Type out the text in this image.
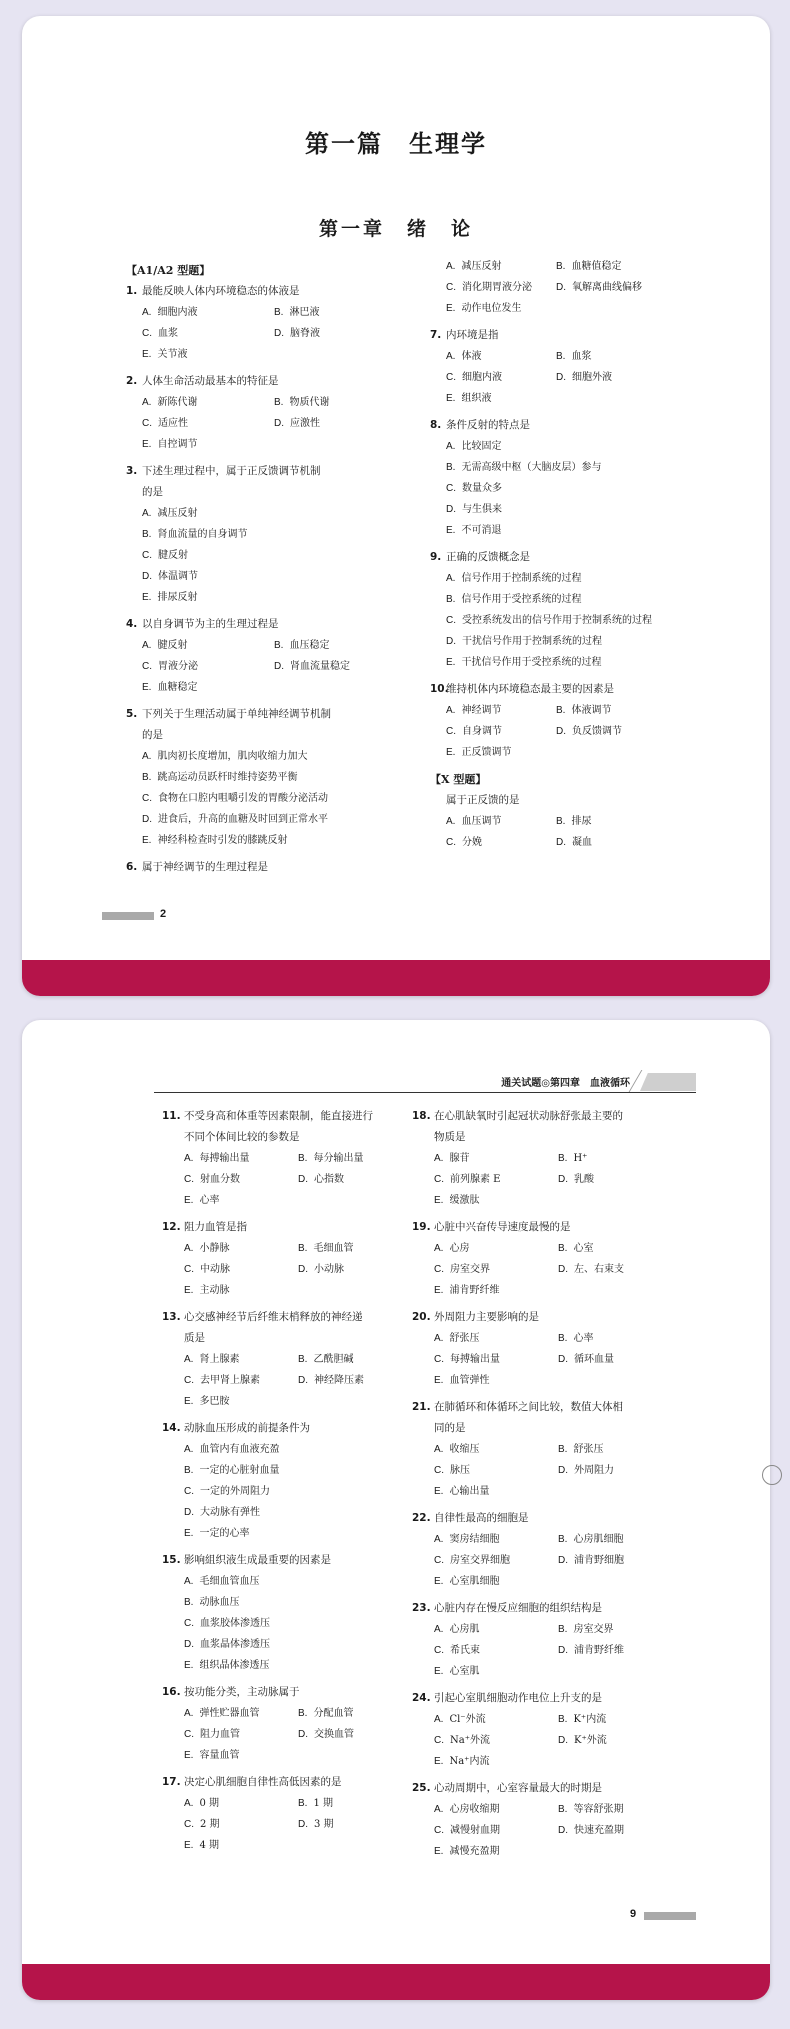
第一篇　生理学
第一章　绪　论

【A1/A2 型题】

1. 最能反映人体内环境稳态的体液是
A. 细胞内液	B. 淋巴液
C. 血浆	D. 脑脊液
E. 关节液
2. 人体生命活动最基本的特征是
A. 新陈代谢	B. 物质代谢
C. 适应性	D. 应激性
E. 自控调节
3. 下述生理过程中，属于正反馈调节机制
的是
A. 减压反射
B. 肾血流量的自身调节
C. 腱反射
D. 体温调节
E. 排尿反射
4. 以自身调节为主的生理过程是
A. 腱反射	B. 血压稳定
C. 胃液分泌	D. 肾血流量稳定
E. 血糖稳定
5. 下列关于生理活动属于单纯神经调节机制
的是
A. 肌肉初长度增加，肌肉收缩力加大
B. 跳高运动员跃杆时维持姿势平衡
C. 食物在口腔内咀嚼引发的胃酸分泌活动
D. 进食后，升高的血糖及时回到正常水平
E. 神经科检查时引发的膝跳反射
6. 属于神经调节的生理过程是
A. 减压反射	B. 血糖值稳定
C. 消化期胃液分泌	D. 氧解离曲线偏移
E. 动作电位发生
7. 内环境是指
A. 体液	B. 血浆
C. 细胞内液	D. 细胞外液
E. 组织液
8. 条件反射的特点是
A. 比较固定
B. 无需高级中枢（大脑皮层）参与
C. 数量众多
D. 与生俱来
E. 不可消退
9. 正确的反馈概念是
A. 信号作用于控制系统的过程
B. 信号作用于受控系统的过程
C. 受控系统发出的信号作用于控制系统的过程
D. 干扰信号作用于控制系统的过程
E. 干扰信号作用于受控系统的过程
10.
维持机体内环境稳态最主要的因素是
A. 神经调节	B. 体液调节
C. 自身调节	D. 负反馈调节
E. 正反馈调节

【X 型题】

属于正反馈的是
A. 血压调节	B. 排尿
C. 分娩	D. 凝血
2
通关试题◎第四章　血液循环
11. 不受身高和体重等因素限制，能直接进行
不同个体间比较的参数是
A. 每搏输出量	B. 每分输出量
C. 射血分数	D. 心指数
E. 心率
12. 阻力血管是指
A. 小静脉	B. 毛细血管
C. 中动脉	D. 小动脉
E. 主动脉
13. 心交感神经节后纤维末梢释放的神经递
质是
A. 肾上腺素	B. 乙酰胆碱
C. 去甲肾上腺素	D. 神经降压素
E. 多巴胺
14. 动脉血压形成的前提条件为
A. 血管内有血液充盈
B. 一定的心脏射血量
C. 一定的外周阻力
D. 大动脉有弹性
E. 一定的心率
15. 影响組织液生成最重要的因素是
A. 毛细血管血压
B. 动脉血压
C. 血浆胶体渗透压
D. 血浆晶体渗透压
E. 组织晶体渗透压
16. 按功能分类，主动脉属于
A. 弹性贮器血管	B. 分配血管
C. 阻力血管	D. 交换血管
E. 容量血管
17. 决定心肌细胞自律性高低因素的是
A. 0 期	B. 1 期
C. 2 期	D. 3 期
E. 4 期
18. 在心肌缺氧时引起冠状动脉舒张最主要的
物质是
A. 腺苷	B. H⁺
C. 前列腺素 E	D. 乳酸
E. 缓激肽
19. 心脏中兴奋传导速度最慢的是
A. 心房	B. 心室
C. 房室交界	D. 左、右束支
E. 浦肯野纤维
20. 外周阻力主要影响的是
A. 舒张压	B. 心率
C. 每搏输出量	D. 循环血量
E. 血管弹性
21. 在肺循环和体循环之间比较，数值大体相
同的是
A. 收缩压	B. 舒张压
C. 脉压	D. 外周阻力
E. 心输出量
22. 自律性最高的细胞是
A. 窦房结细胞	B. 心房肌细胞
C. 房室交界细胞	D. 浦肯野细胞
E. 心室肌细胞
23. 心脏内存在慢反应细胞的组织结构是
A. 心房肌	B. 房室交界
C. 希氏束	D. 浦肯野纤维
E. 心室肌
24. 引起心室肌细胞动作电位上升支的是
A. Cl⁻外流	B. K⁺内流
C. Na⁺外流	D. K⁺外流
E. Na⁺内流
25. 心动周期中，心室容量最大的时期是
A. 心房收缩期	B. 等容舒张期
C. 减慢射血期	D. 快速充盈期
E. 减慢充盈期
9
